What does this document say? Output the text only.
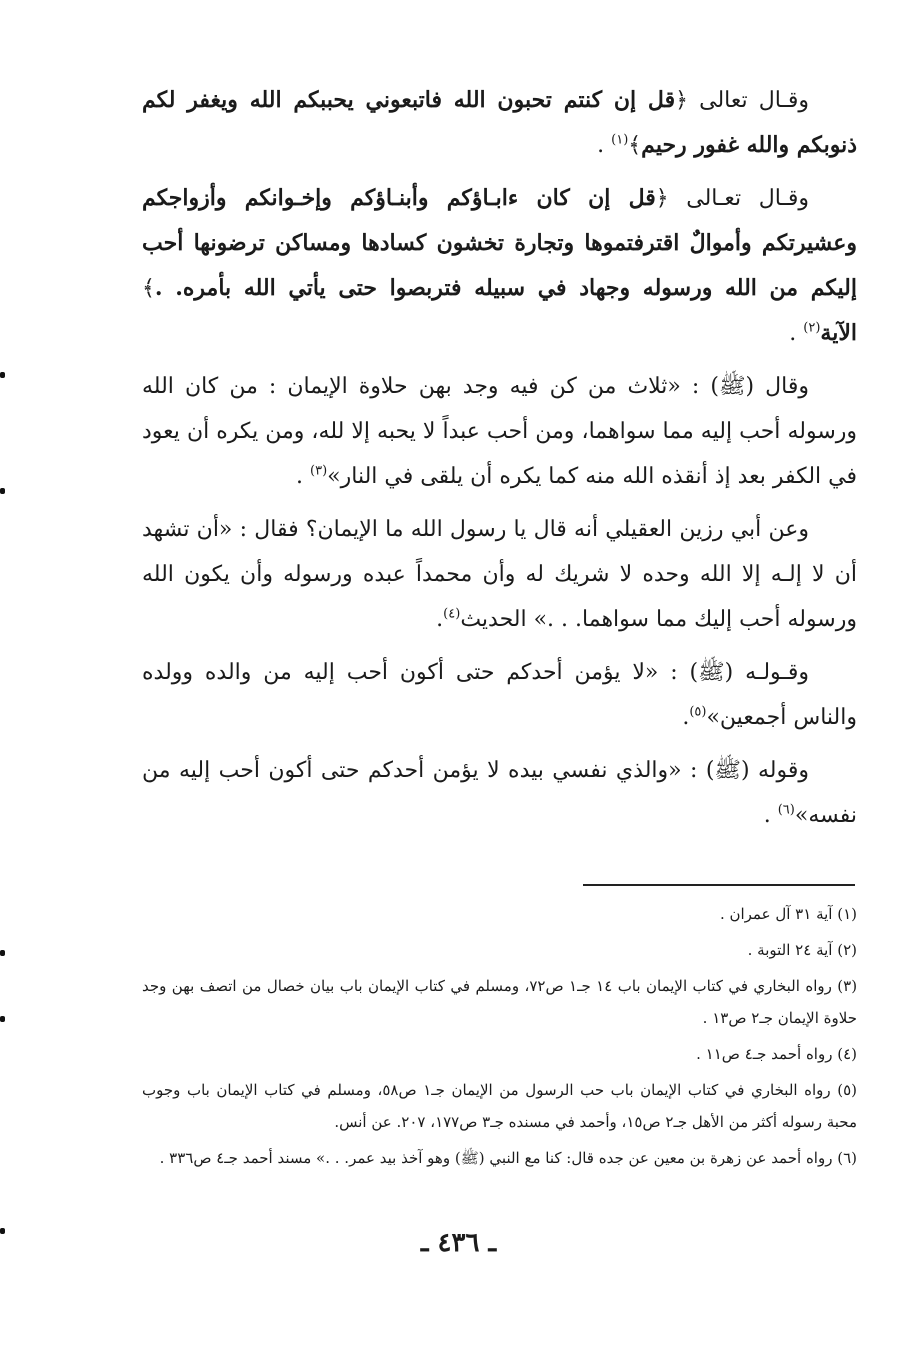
وقـال تعالى ﴿قل إن كنتم تحبون الله فاتبعوني يحببكم الله ويغفر لكم ذنوبكم والله غفور رحيم﴾$^{(١)}$ .

وقـال تعـالى ﴿قل إن كان ءابـاؤكم وأبنـاؤكم وإخـوانكم وأزواجكم وعشيرتكم وأموالٌ اقترفتموها وتجارة تخشون كسادها ومساكن ترضونها أحب إليكم من الله ورسوله وجهاد في سبيله فتربصوا حتى يأتي الله بأمره. .﴾ الآية$^{(٢)}$ .

وقال (ﷺ) : «ثلاث من كن فيه وجد بهن حلاوة الإيمان : من كان الله ورسوله أحب إليه مما سواهما، ومن أحب عبداً لا يحبه إلا لله، ومن يكره أن يعود في الكفر بعد إذ أنقذه الله منه كما يكره أن يلقى في النار»$^{(٣)}$ .

وعن أبي رزين العقيلي أنه قال يا رسول الله ما الإيمان؟ فقال : «أن تشهد أن لا إلـه إلا الله وحده لا شريك له وأن محمداً عبده ورسوله وأن يكون الله ورسوله أحب إليك مما سواهما. . .» الحديث$^{(٤)}$.

وقـولـه (ﷺ) : «لا يؤمن أحدكم حتى أكون أحب إليه من والده وولده والناس أجمعين»$^{(٥)}$.

وقوله (ﷺ) : «والذي نفسي بيده لا يؤمن أحدكم حتى أكون أحب إليه من نفسه»$^{(٦)}$ .

(١) آية ٣١ آل عمران .

(٢) آية ٢٤ التوبة .

(٣) رواه البخاري في كتاب الإيمان باب ١٤ جـ١ ص٧٢، ومسلم في كتاب الإيمان باب بيان خصال من اتصف بهن وجد حلاوة الإيمان جـ٢ ص١٣ .

(٤) رواه أحمد جـ٤ ص١١ .

(٥) رواه البخاري في كتاب الإيمان باب حب الرسول من الإيمان جـ١ ص٥٨، ومسلم في كتاب الإيمان باب وجوب محبة رسوله أكثر من الأهل جـ٢ ص١٥، وأحمد في مسنده جـ٣ ص١٧٧، ٢٠٧. عن أنس.

(٦) رواه أحمد عن زهرة بن معين عن جده قال: كنا مع النبي (ﷺ) وهو آخذ بيد عمر. . .» مسند أحمد جـ٤ ص٣٣٦ .

ـ ٤٣٦ ـ
